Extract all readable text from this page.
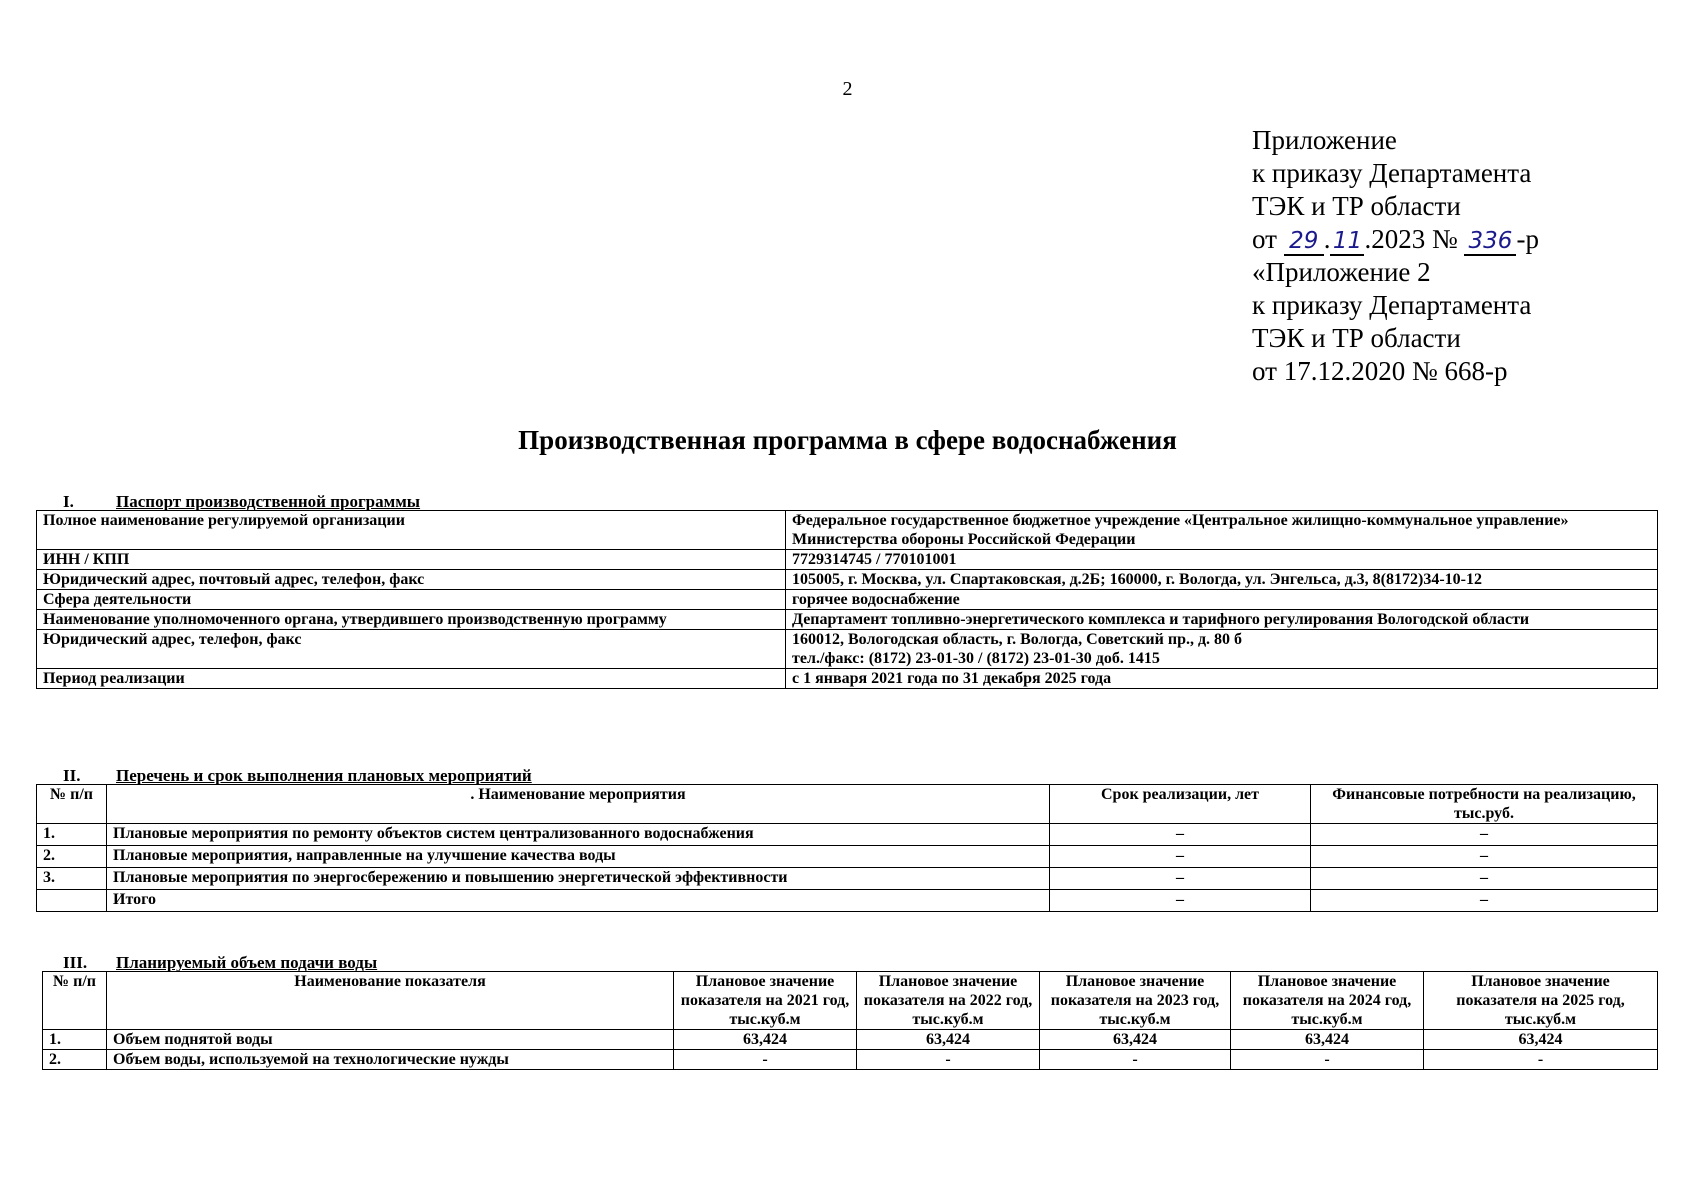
2
Приложение
к приказу Департамента
ТЭК и ТР области
от 29 . 11.2023 № 336 -р
«Приложение 2
к приказу Департамента
ТЭК и ТР области
от 17.12.2020 № 668-р
Производственная программа в сфере водоснабжения
I. Паспорт производственной программы
Полное наименование регулируемой организации	Федеральное государственное бюджетное учреждение «Центральное жилищно-коммунальное управление» Министерства обороны Российской Федерации
ИНН / КПП	7729314745 / 770101001
Юридический адрес, почтовый адрес, телефон, факс	105005, г. Москва, ул. Спартаковская, д.2Б; 160000, г. Вологда, ул. Энгельса, д.3, 8(8172)34-10-12
Сфера деятельности	горячее водоснабжение
Наименование уполномоченного органа, утвердившего производственную программу	Департамент топливно-энергетического комплекса и тарифного регулирования Вологодской области
Юридический адрес, телефон, факс	160012, Вологодская область, г. Вологда, Советский пр., д. 80 б
тел./факс: (8172) 23-01-30 / (8172) 23-01-30 доб. 1415

Период реализации	с 1 января 2021 года по 31 декабря 2025 года
II. Перечень и срок выполнения плановых мероприятий
№ п/п	. Наименование мероприятия	Срок реализации, лет	Финансовые потребности на реализацию, тыс.руб.
1.	Плановые мероприятия по ремонту объектов систем централизованного водоснабжения	–	–
2.	Плановые мероприятия, направленные на улучшение качества воды	–	–
3.	Плановые мероприятия по энергосбережению и повышению энергетической эффективности	–	–
	Итого	–	–
III. Планируемый объем подачи воды
№ п/п	Наименование показателя	Плановое значение показателя на 2021 год, тыс.куб.м	Плановое значение показателя на 2022 год, тыс.куб.м	Плановое значение показателя на 2023 год, тыс.куб.м	Плановое значение показателя на 2024 год, тыс.куб.м	Плановое значение показателя на 2025 год, тыс.куб.м
1.	Объем поднятой воды	63,424	63,424	63,424	63,424	63,424
2.	Объем воды, используемой на технологические нужды	-	-	-	-	-
